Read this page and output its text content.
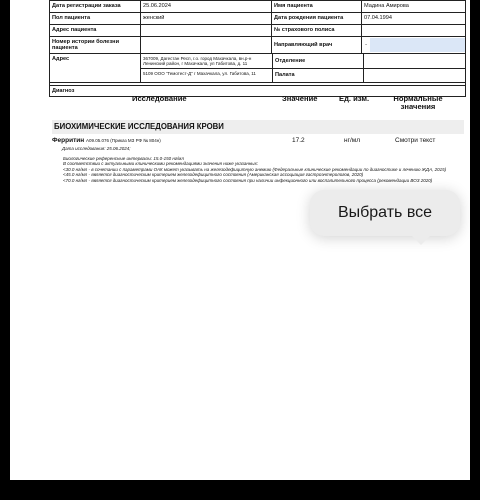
Дата регистрации заказа	25.06.2024	Имя пациента	Мадина Амирова
Пол пациента	женский	Дата рождения пациента	07.04.1994
Адрес пациента	№ страхового полиса
Номер истории болезни пациента
Направляющий врач	-
Адрес	367009, Дагестан Респ, г.о. город Махачкала, вн.р-н Ленинский район, г Махачкала, ул Габитова, д. 11
5109 ООО "Гемотест-Д" г Махачкала, ул. Габитова, 11
Отделение
Палата
Диагноз
Исследование	Значение	Ед. изм.	Нормальные значения
БИОХИМИЧЕСКИЕ ИССЛЕДОВАНИЯ КРОВИ
Ферритин A09.05.076 (Приказ МЗ РФ № 804н)	17.2	нг/мл	Смотри текст
Дата исследования: 25.06.2024;
Биологические референсные интервалы: 15.0-150 нг/мл
В соответствии с актуальными клиническими рекомендациями значения ниже указанных:
<30.0 нг/мл - в сочетании с параметрами ОАК может указывать на железодефицитную анемию (Федеральные клинические рекомендации по диагностике и лечению ЖДА, 2015)
<45.0 нг/мл - является диагностическим критерием железодефицитного состояния (Американская ассоциация гастроэнтерологов, 2020)
<70.0 нг/мл - является диагностическим критерием железодефицитного состояния при наличии инфекционного или воспалительного процесса (рекомендации ВОЗ 2020)
Выбрать все
